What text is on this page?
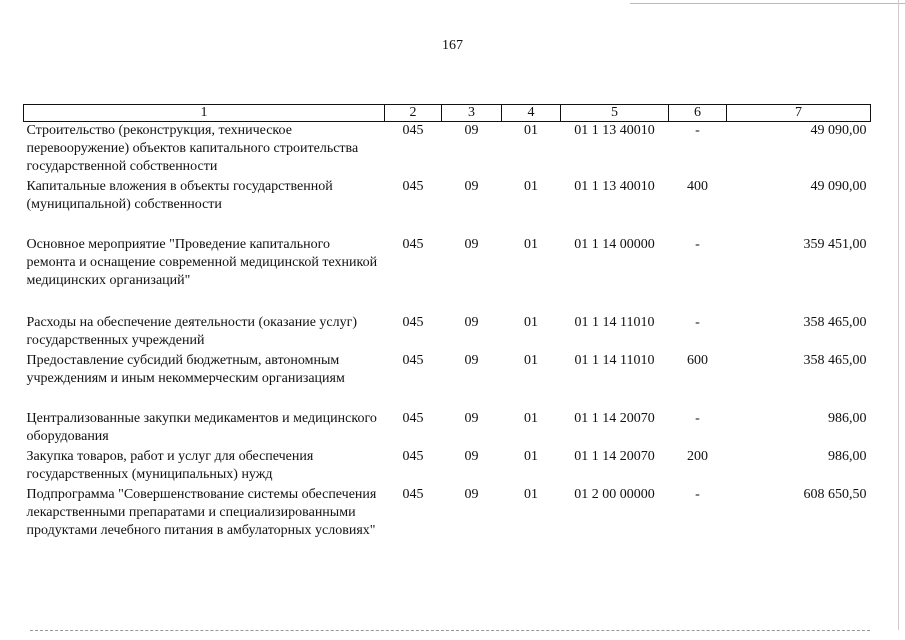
167
1	2	3	4	5	6	7
Строительство (реконструкция, техническое перевооружение) объектов капитального строительства государственной собственности	045	09	01	01 1 13 40010	-	49 090,00
Капитальные вложения в объекты государственной (муниципальной) собственности	045	09	01	01 1 13 40010	400	49 090,00
Основное мероприятие "Проведение капитального ремонта и оснащение современной медицинской техникой медицинских организаций"	045	09	01	01 1 14 00000	-	359 451,00
Расходы на обеспечение деятельности (оказание услуг) государственных учреждений	045	09	01	01 1 14 11010	-	358 465,00
Предоставление субсидий бюджетным, автономным учреждениям и иным некоммерческим организациям	045	09	01	01 1 14 11010	600	358 465,00
Централизованные закупки медикаментов и медицинского оборудования	045	09	01	01 1 14 20070	-	986,00
Закупка товаров, работ и услуг для обеспечения государственных (муниципальных) нужд	045	09	01	01 1 14 20070	200	986,00
Подпрограмма "Совершенствование системы обеспечения лекарственными препаратами и специализированными продуктами лечебного питания в амбулаторных условиях"	045	09	01	01 2 00 00000	-	608 650,50
